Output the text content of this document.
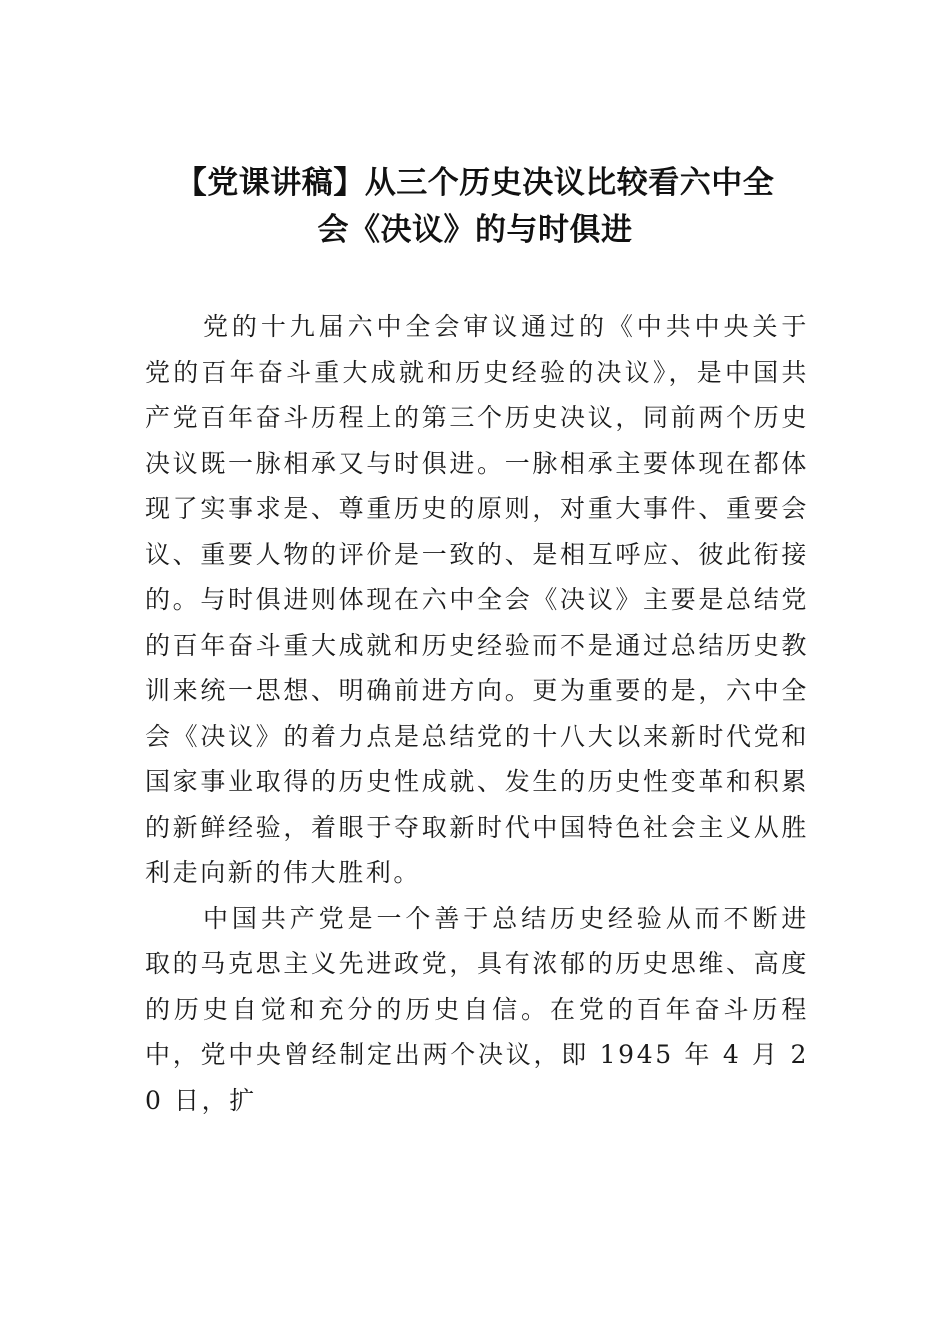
【党课讲稿】从三个历史决议比较看六中全
会《决议》的与时俱进

党的十九届六中全会审议通过的《中共中央关于党的百年奋斗重大成就和历史经验的决议》，是中国共产党百年奋斗历程上的第三个历史决议，同前两个历史决议既一脉相承又与时俱进。一脉相承主要体现在都体现了实事求是、尊重历史的原则，对重大事件、重要会议、重要人物的评价是一致的、是相互呼应、彼此衔接的。与时俱进则体现在六中全会《决议》主要是总结党的百年奋斗重大成就和历史经验而不是通过总结历史教训来统一思想、明确前进方向。更为重要的是，六中全会《决议》的着力点是总结党的十八大以来新时代党和国家事业取得的历史性成就、发生的历史性变革和积累的新鲜经验，着眼于夺取新时代中国特色社会主义从胜利走向新的伟大胜利。

中国共产党是一个善于总结历史经验从而不断进取的马克思主义先进政党，具有浓郁的历史思维、高度的历史自觉和充分的历史自信。在党的百年奋斗历程中，党中央曾经制定出两个决议，即 1945 年 4 月 20 日，扩
